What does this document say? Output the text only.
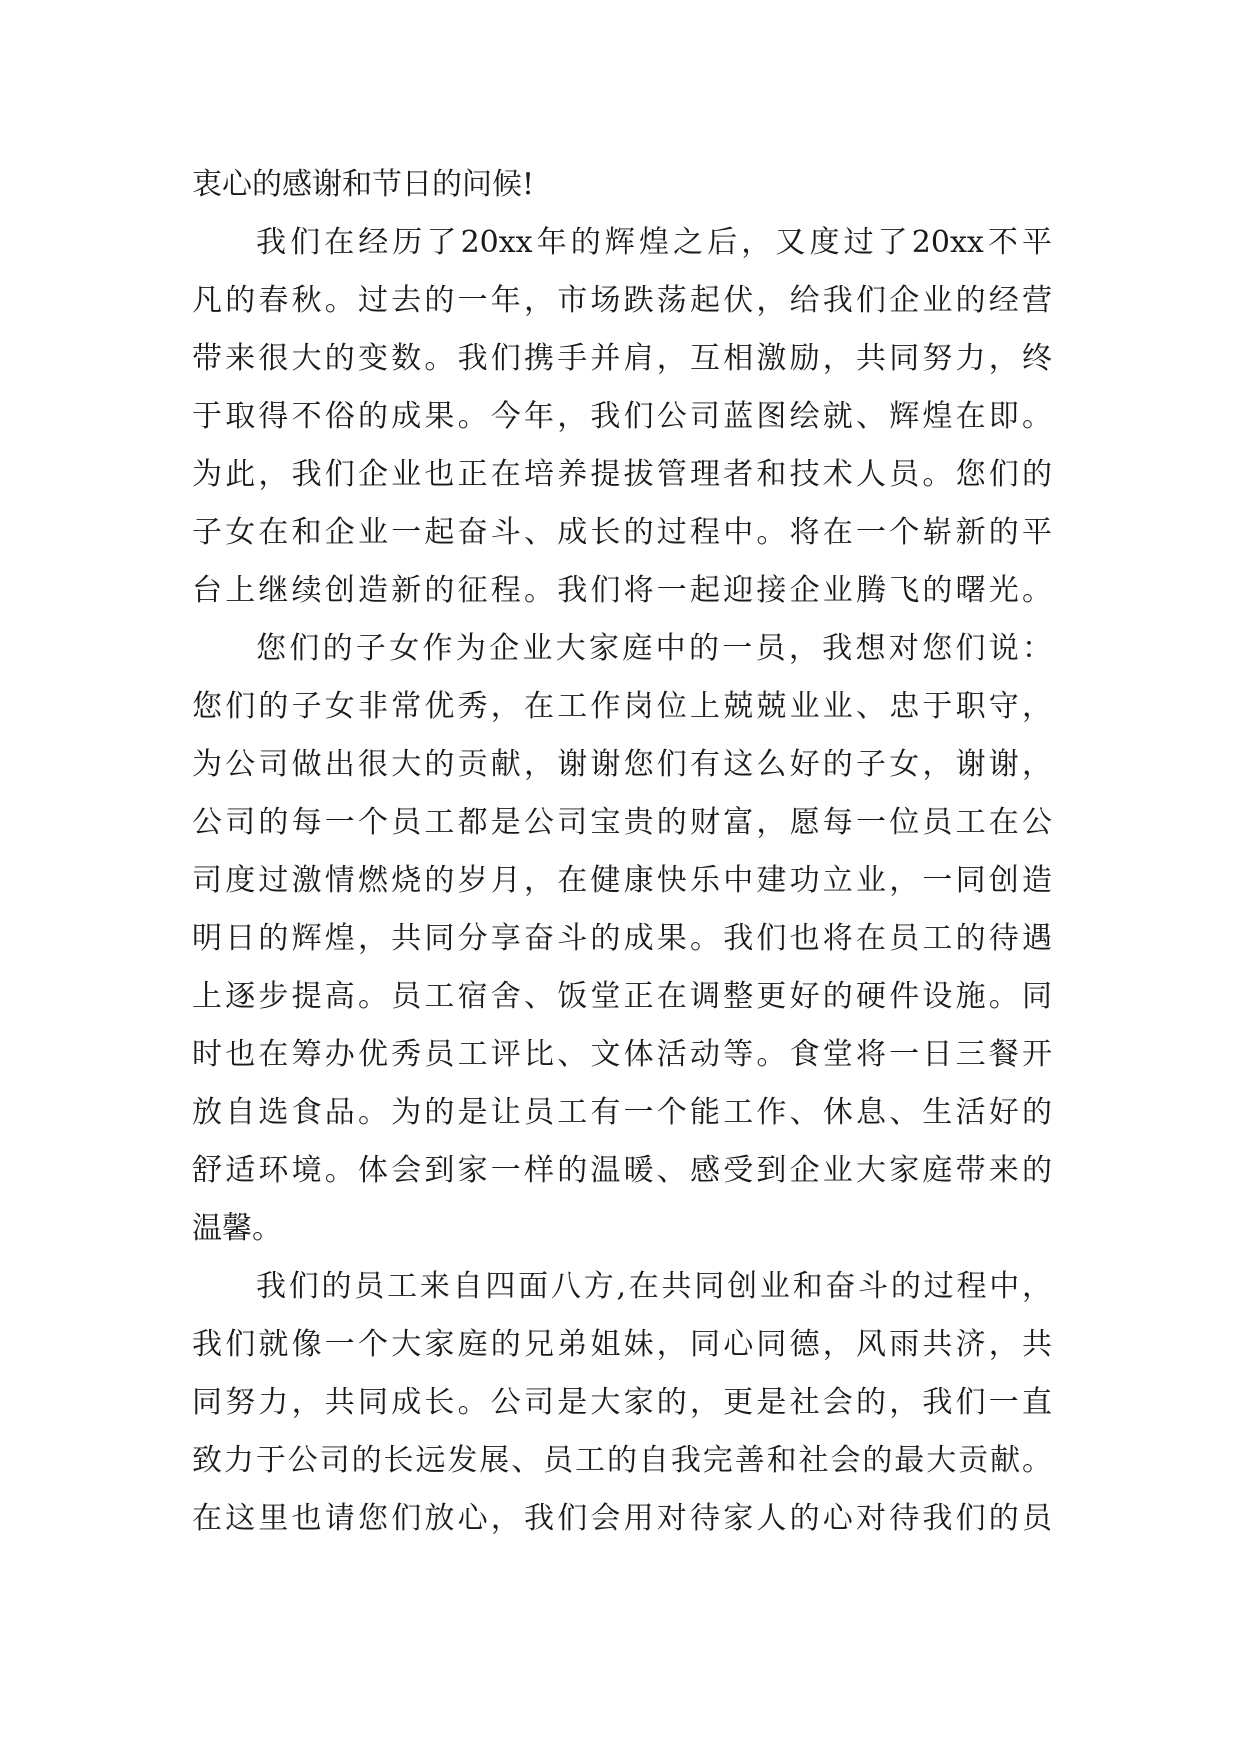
衷心的感谢和节日的问候!
我们在经历了20xx年的辉煌之后，又度过了20xx不平
凡的春秋。过去的一年，市场跌荡起伏，给我们企业的经营
带来很大的变数。我们携手并肩，互相激励，共同努力，终
于取得不俗的成果。今年，我们公司蓝图绘就、辉煌在即。
为此，我们企业也正在培养提拔管理者和技术人员。您们的
子女在和企业一起奋斗、成长的过程中。将在一个崭新的平
台上继续创造新的征程。我们将一起迎接企业腾飞的曙光。
您们的子女作为企业大家庭中的一员，我想对您们说：
您们的子女非常优秀，在工作岗位上兢兢业业、忠于职守，
为公司做出很大的贡献，谢谢您们有这么好的子女，谢谢，
公司的每一个员工都是公司宝贵的财富，愿每一位员工在公
司度过激情燃烧的岁月，在健康快乐中建功立业，一同创造
明日的辉煌，共同分享奋斗的成果。我们也将在员工的待遇
上逐步提高。员工宿舍、饭堂正在调整更好的硬件设施。同
时也在筹办优秀员工评比、文体活动等。食堂将一日三餐开
放自选食品。为的是让员工有一个能工作、休息、生活好的
舒适环境。体会到家一样的温暖、感受到企业大家庭带来的
温馨。
我们的员工来自四面八方,在共同创业和奋斗的过程中，
我们就像一个大家庭的兄弟姐妹，同心同德，风雨共济，共
同努力，共同成长。公司是大家的，更是社会的，我们一直
致力于公司的长远发展、员工的自我完善和社会的最大贡献。
在这里也请您们放心，我们会用对待家人的心对待我们的员
